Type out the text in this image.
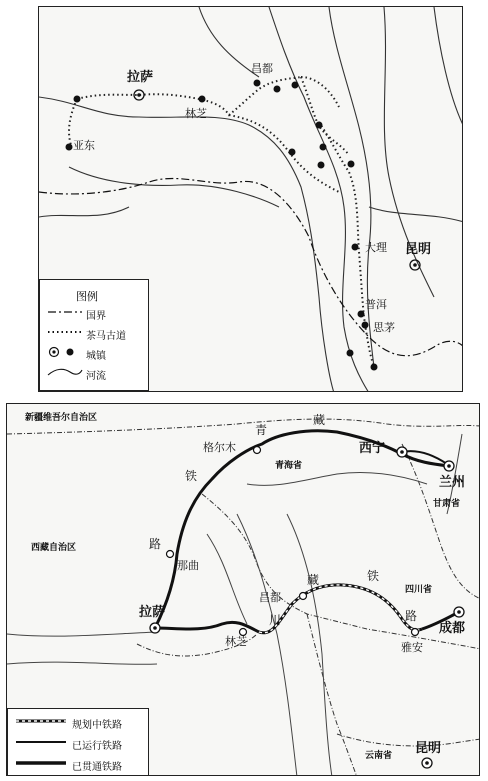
拉萨
昌都
林芝
亚东
大理 昆明
普洱
思茅
图例
国界
茶马古道
城镇
河流
新疆维吾尔自治区
西藏自治区
青海省
甘肃省
四川省
云南省
格尔木	西宁
兰州
那曲
拉萨
林芝
昌都
成都
雅安
昆明
青
藏
铁
路
川
藏	铁
路
规划中铁路
已运行铁路
已贯通铁路
